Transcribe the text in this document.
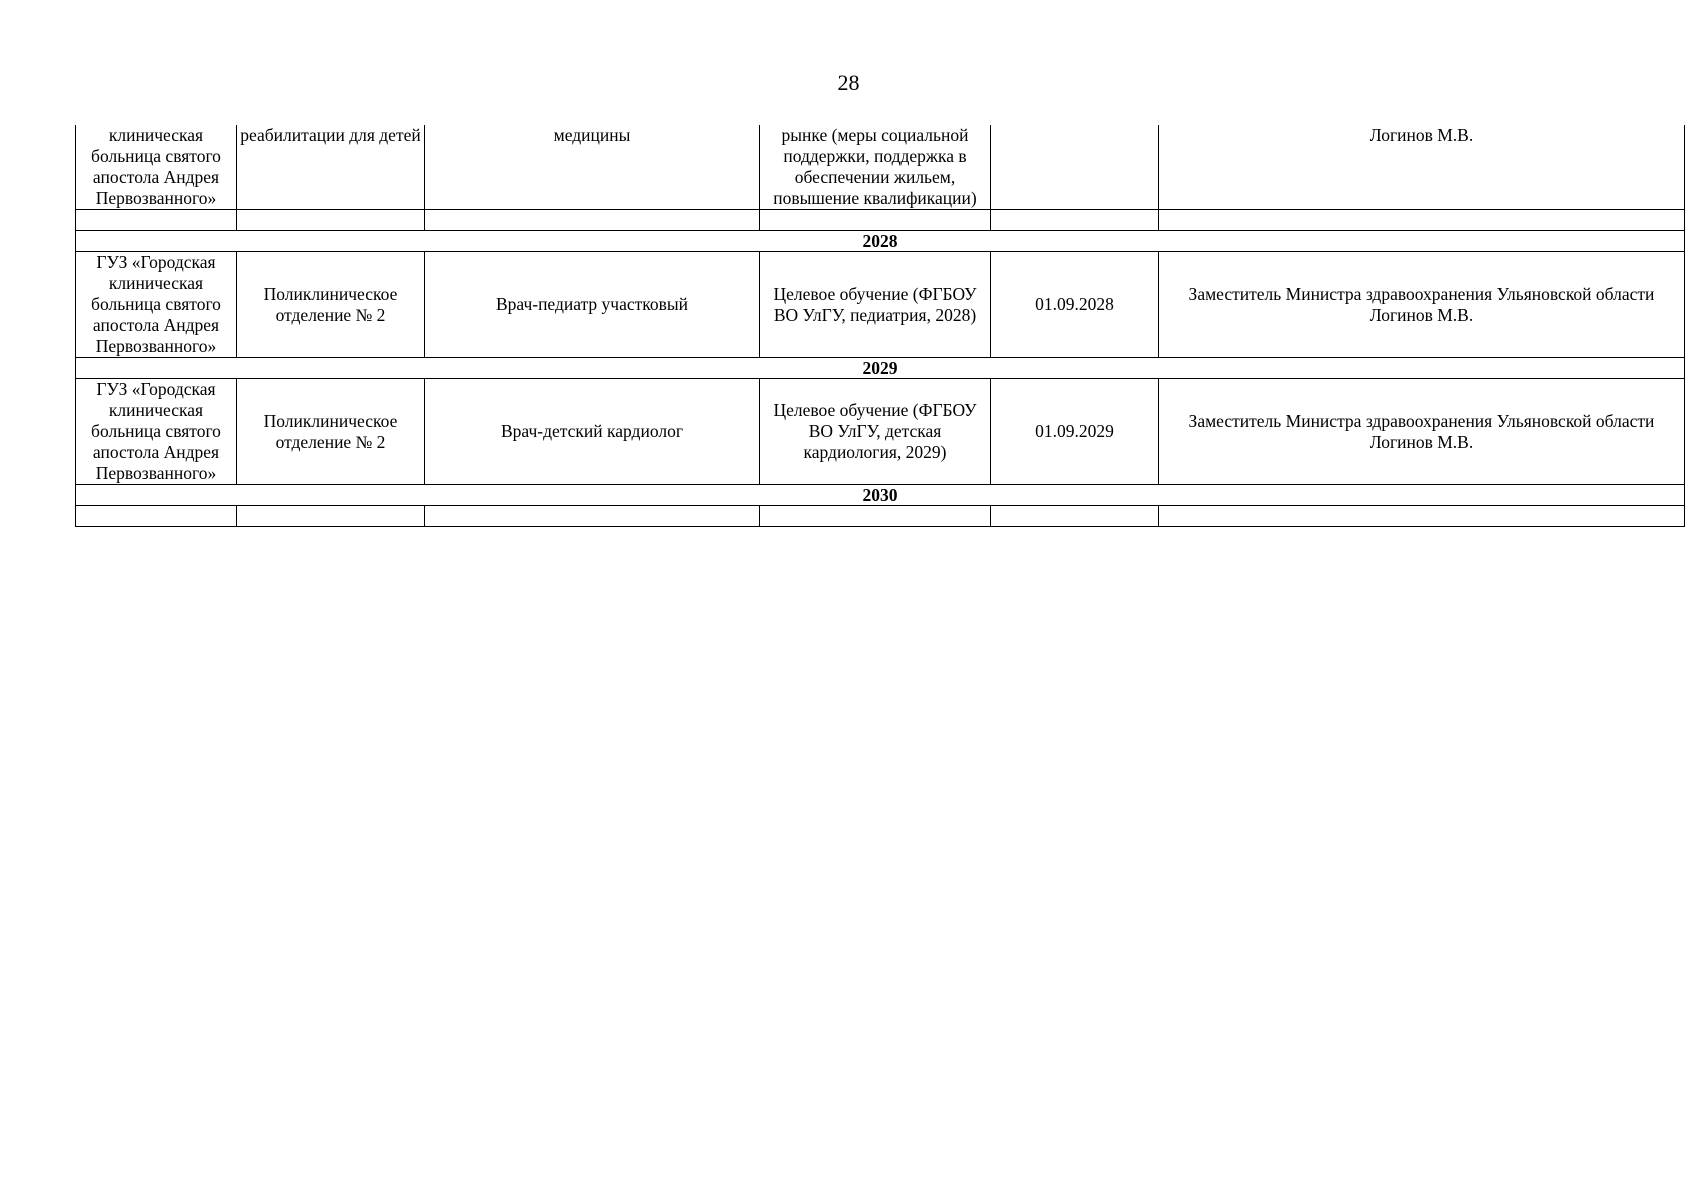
28
клиническая больница святого апостола Андрея Первозванного»	реабилитации для детей	медицины	рынке (меры социальной поддержки, поддержка в обеспечении жильем, повышение квалификации)		Логинов М.В.

2028					
ГУЗ «Городская клиническая больница святого апостола Андрея Первозванного»	Поликлиническое отделение № 2	Врач-педиатр участковый	Целевое обучение (ФГБОУ ВО УлГУ, педиатрия, 2028)	01.09.2028	Заместитель Министра здравоохранения Ульяновской области Логинов М.В.
2029					
ГУЗ «Городская клиническая больница святого апостола Андрея Первозванного»	Поликлиническое отделение № 2	Врач-детский кардиолог	Целевое обучение (ФГБОУ ВО УлГУ, детская кардиология, 2029)	01.09.2029	Заместитель Министра здравоохранения Ульяновской области Логинов М.В.
2030					
